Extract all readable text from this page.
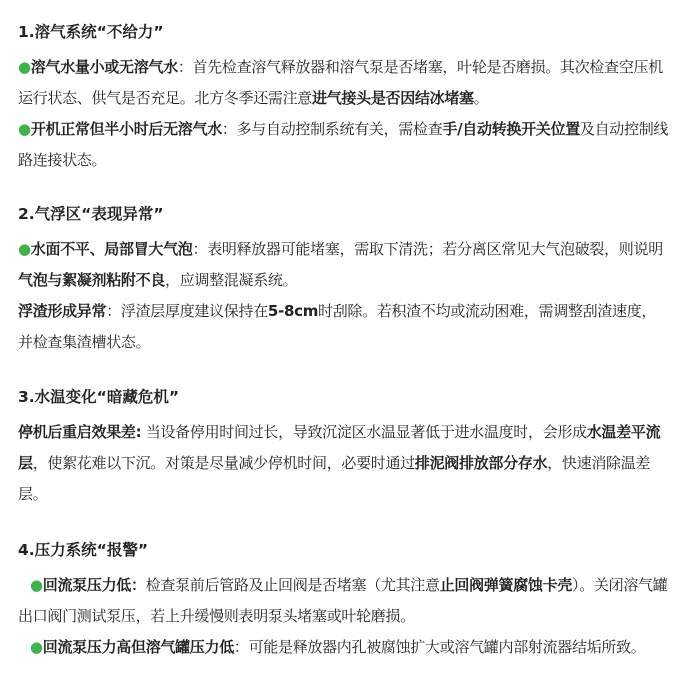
1.溶气系统“不给力”

●溶气水量小或无溶气水：首先检查溶气释放器和溶气泵是否堵塞，叶轮是否磨损。其次检查空压机运行状态、供气是否充足。北方冬季还需注意进气接头是否因结冰堵塞。

●开机正常但半小时后无溶气水：多与自动控制系统有关，需检查手/自动转换开关位置及自动控制线路连接状态。

2.气浮区“表现异常”

●水面不平、局部冒大气泡：表明释放器可能堵塞，需取下清洗；若分离区常见大气泡破裂，则说明气泡与絮凝剂粘附不良，应调整混凝系统。

浮渣形成异常：浮渣层厚度建议保持在5-8cm时刮除。若积渣不均或流动困难，需调整刮渣速度，并检查集渣槽状态。

3.水温变化“暗藏危机”

停机后重启效果差: 当设备停用时间过长，导致沉淀区水温显著低于进水温度时，会形成水温差平流层，使絮花难以下沉。对策是尽量减少停机时间，必要时通过排泥阀排放部分存水，快速消除温差层。

4.压力系统“报警”

●回流泵压力低：检查泵前后管路及止回阀是否堵塞（尤其注意止回阀弹簧腐蚀卡壳）。关闭溶气罐出口阀门测试泵压，若上升缓慢则表明泵头堵塞或叶轮磨损。

●回流泵压力高但溶气罐压力低：可能是释放器内孔被腐蚀扩大或溶气罐内部射流器结垢所致。
